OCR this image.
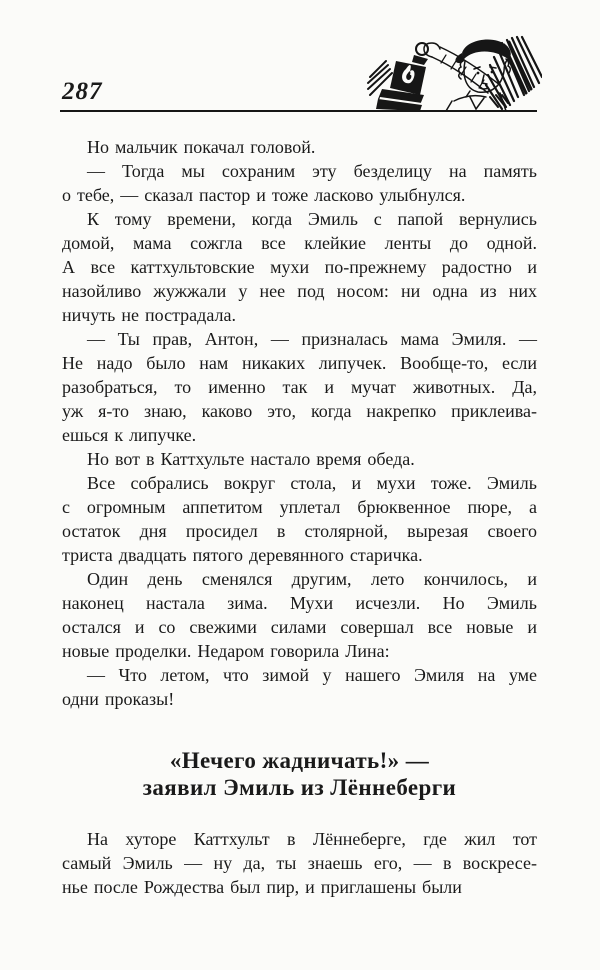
287
Но мальчик покачал головой.
— Тогда мы сохраним эту безделицу на память
о тебе, — сказал пастор и тоже ласково улыбнулся.
К тому времени, когда Эмиль с папой вернулись
домой, мама сожгла все клейкие ленты до одной.
А все каттхультовские мухи по-прежнему радостно и
назойливо жужжали у нее под носом: ни одна из них
ничуть не пострадала.
— Ты прав, Антон, — призналась мама Эмиля. —
Не надо было нам никаких липучек. Вообще-то, если
разобраться, то именно так и мучат животных. Да,
уж я-то знаю, каково это, когда накрепко приклеива-
ешься к липучке.
Но вот в Каттхульте настало время обеда.
Все собрались вокруг стола, и мухи тоже. Эмиль
с огромным аппетитом уплетал брюквенное пюре, а
остаток дня просидел в столярной, вырезая своего
триста двадцать пятого деревянного старичка.
Один день сменялся другим, лето кончилось, и
наконец настала зима. Мухи исчезли. Но Эмиль
остался и со свежими силами совершал все новые и
новые проделки. Недаром говорила Лина:
— Что летом, что зимой у нашего Эмиля на уме
одни проказы!
«Нечего жадничать!» —
заявил Эмиль из Лённеберги
На хуторе Каттхульт в Лённеберге, где жил тот
самый Эмиль — ну да, ты знаешь его, — в воскресе-
нье после Рождества был пир, и приглашены были
